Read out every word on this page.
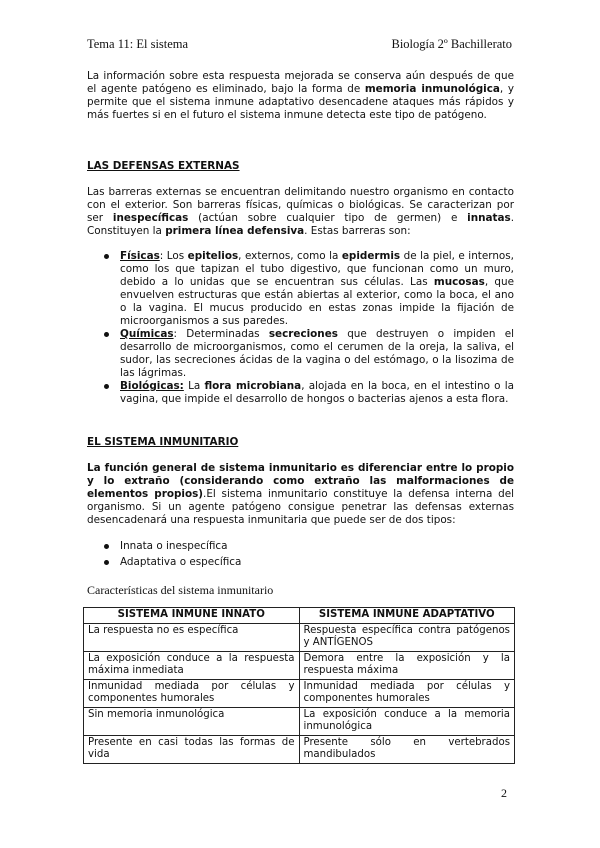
Tema 11: El sistema	Biología 2º Bachillerato
La información sobre esta respuesta mejorada se conserva aún después de que el agente patógeno es eliminado, bajo la forma de memoria inmunológica, y permite que el sistema inmune adaptativo desencadene ataques más rápidos y más fuertes si en el futuro el sistema inmune detecta este tipo de patógeno.
LAS DEFENSAS EXTERNAS
Las barreras externas se encuentran delimitando nuestro organismo en contacto con el exterior. Son barreras físicas, químicas o biológicas. Se caracterizan por ser inespecíficas (actúan sobre cualquier tipo de germen) e innatas. Constituyen la primera línea defensiva. Estas barreras son:
Físicas: Los epitelios, externos, como la epidermis de la piel, e internos, como los que tapizan el tubo digestivo, que funcionan como un muro, debido a lo unidas que se encuentran sus células. Las mucosas, que envuelven estructuras que están abiertas al exterior, como la boca, el ano o la vagina. El mucus producido en estas zonas impide la fijación de microorganismos a sus paredes.
Químicas: Determinadas secreciones que destruyen o impiden el desarrollo de microorganismos, como el cerumen de la oreja, la saliva, el sudor, las secreciones ácidas de la vagina o del estómago, o la lisozima de las lágrimas.
Biológicas: La flora microbiana, alojada en la boca, en el intestino o la vagina, que impide el desarrollo de hongos o bacterias ajenos a esta flora.
EL SISTEMA INMUNITARIO
La función general de sistema inmunitario es diferenciar entre lo propio y lo extraño (considerando como extraño las malformaciones de elementos propios).El sistema inmunitario constituye la defensa interna del organismo. Si un agente patógeno consigue penetrar las defensas externas desencadenará una respuesta inmunitaria que puede ser de dos tipos:
Innata o inespecífica
Adaptativa o específica
Características del sistema inmunitario
SISTEMA INMUNE INNATO	SISTEMA INMUNE ADAPTATIVO
La respuesta no es específica	Respuesta específica contra patógenos y ANTÍGENOS
La exposición conduce a la respuesta máxima inmediata	Demora entre la exposición y la respuesta máxima
Inmunidad mediada por células y componentes humorales	Inmunidad mediada por células y componentes humorales
Sin memoria inmunológica	La exposición conduce a la memoria inmunológica
Presente en casi todas las formas de vida	Presente sólo en vertebrados mandibulados
2
